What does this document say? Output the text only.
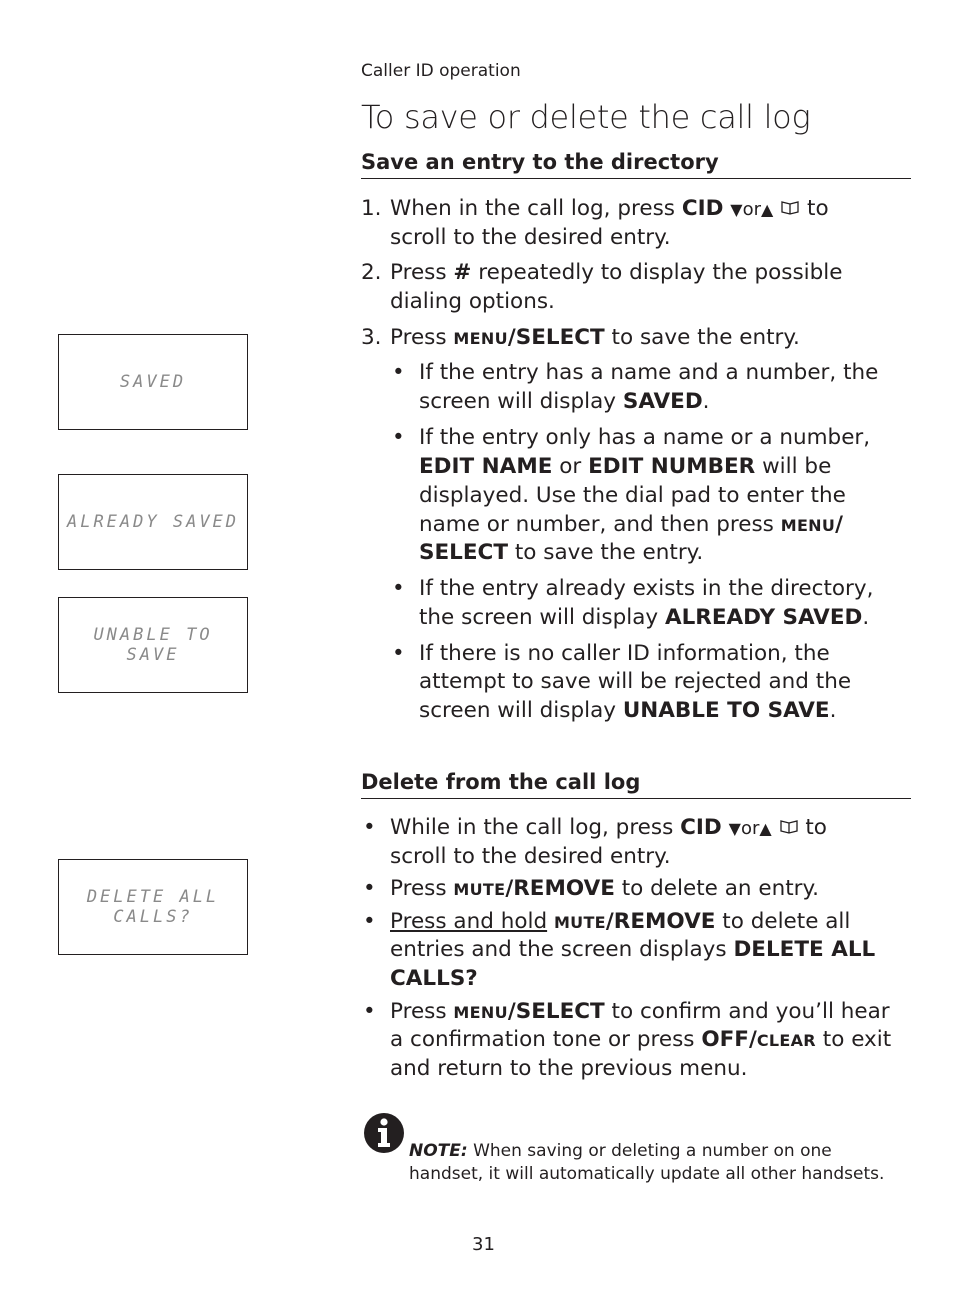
Caller ID operation
To save or delete the call log
Save an entry to the directory
1. When in the call log, press CID ▼or▲ to
scroll to the desired entry.
2. Press # repeatedly to display the possible
dialing options.
3. Press MENU/SELECT to save the entry.
• If the entry has a name and a number, the
screen will display SAVED.
• If the entry only has a name or a number,
EDIT NAME or EDIT NUMBER will be
displayed. Use the dial pad to enter the
name or number, and then press MENU/
SELECT to save the entry.
• If the entry already exists in the directory,
the screen will display ALREADY SAVED.
• If there is no caller ID information, the
attempt to save will be rejected and the
screen will display UNABLE TO SAVE.
Delete from the call log
• While in the call log, press CID ▼or▲ to
scroll to the desired entry.
• Press MUTE/REMOVE to delete an entry.
• Press and hold MUTE/REMOVE to delete all
entries and the screen displays DELETE ALL
CALLS?
• Press MENU/SELECT to confirm and you’ll hear
a confirmation tone or press OFF/CLEAR to exit
and return to the previous menu.
SAVED
ALREADY SAVED
UNABLE TO
SAVE
DELETE ALL
CALLS?
NOTE: When saving or deleting a number on one
handset, it will automatically update all other handsets.
31
